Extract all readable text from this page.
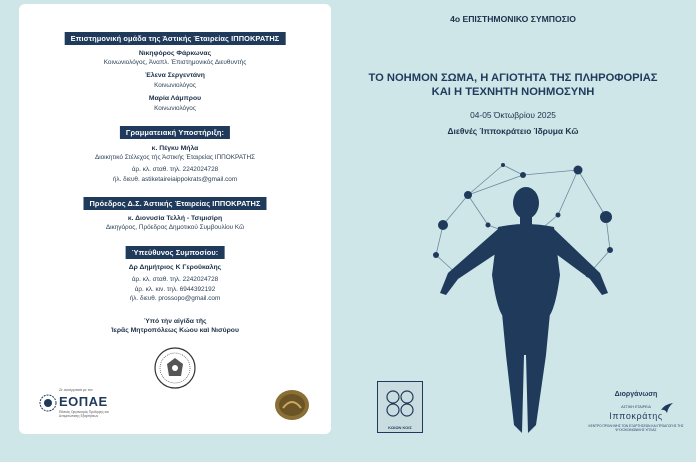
Επιστημονική ομάδα της Άστικής Έταιρείας ΙΠΠΟΚΡΑΤΗΣ
Νικηφόρος Φάρκωνας
Κοινωνιολόγος, Άναπλ. Έπιστημονικός Διευθυντής
Έλενα Σεργεντάνη
Κοινωνιολόγος
Μαρία Λάμπρου
Κοινωνιολόγος
Γραμματειακή Υποστήριξη:
κ. Πέγκυ Μήλα
Διοικητικό Στέλεχος τής Άστικής Έταιρείας ΙΠΠΟΚΡΑΤΗΣ
άρ. κλ. σταθ. τηλ. 2242024728
ήλ. διευθ. astiketaireiaippokrats@gmail.com
Πρόεδρος Δ.Σ. Άστικής Έταιρείας ΙΠΠΟΚΡΑΤΗΣ
κ. Διονυσία Τελλή - Τσιμισίρη
Δικηγόρος, Πρόεδρος Δημοτικού Συμβουλίου Κῶ
Ύπεύθυνος Συμποσίου:
Δρ Δημήτριος Κ Γεροϋκαλης
άρ. κλ. σταθ. τηλ. 2242024728
άρ. κλ. κιν. τηλ. 6944392192
ήλ. διευθ. prossopo@gmail.com
Ύπό τὴν αἰγίδα τῆς
Ἱερᾶς Μητροπόλεως Κώου καὶ Νισύρου
Σε συνεργασία με τον
ΕΟΠΑΕ
Εθνικός Οργανισμός Πρόληψης και Αντιμετώπισης Εξαρτήσεων
4ο ΕΠΙΣΤΗΜΟΝΙΚΟ ΣΥΜΠΟΣΙΟ
ΤΟ ΝΟΗΜΟΝ ΣΩΜΑ, Η ΑΓΙΟΤΗΤΑ ΤΗΣ ΠΛΗΡΟΦΟΡΙΑΣ
ΚΑΙ Η ΤΕΧΝΗΤΗ ΝΟΗΜΟΣΥΝΗ
04-05 Όκτωβρίου 2025
Διεθνές Ίπποκράτειο Ίδρυμα Κῶ
ΚΩΙΩΝ ΚΟΙΣ
Διοργάνωση
ΑΣΤΙΚΗ ΕΤΑΙΡΕΙΑ
Ιπποκράτης
ΚΕΝΤΡΟ ΠΡΟΛΗΨΗΣ ΤΩΝ ΕΞΑΡΤΗΣΕΩΝ ΚΑΙ ΠΡΟΑΓΩΓΗΣ ΤΗΣ ΨΥΧΟΚΟΙΝΩΝΙΚΗΣ ΥΓΕΙΑΣ
